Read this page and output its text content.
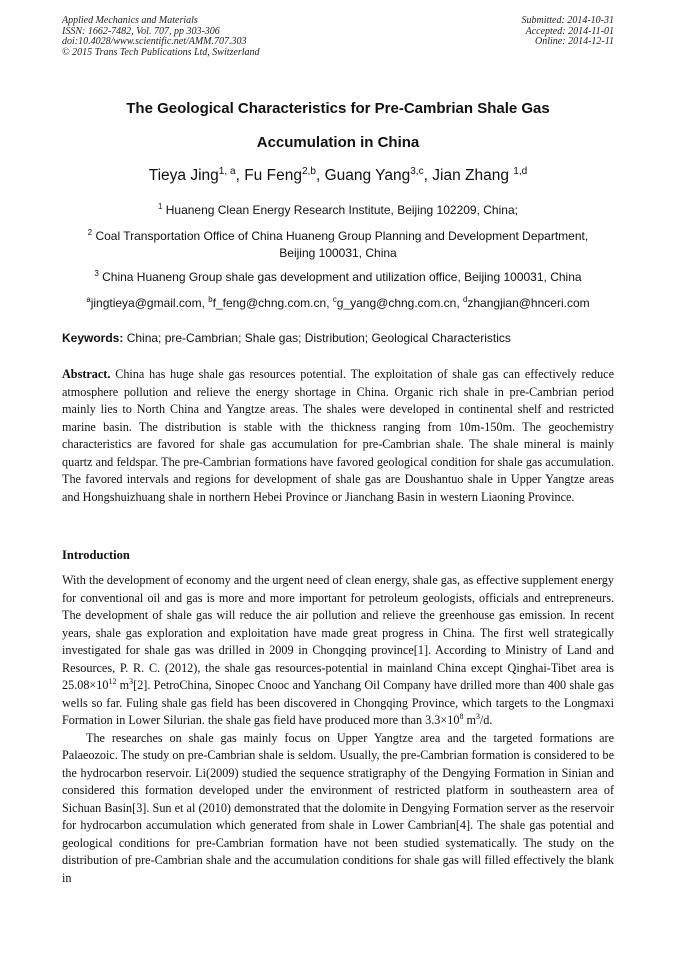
Applied Mechanics and Materials
ISSN: 1662-7482, Vol. 707, pp 303-306
doi:10.4028/www.scientific.net/AMM.707.303
© 2015 Trans Tech Publications Ltd, Switzerland
Submitted: 2014-10-31
Accepted: 2014-11-01
Online: 2014-12-11
The Geological Characteristics for Pre-Cambrian Shale Gas
Accumulation in China
Tieya Jing$^{1, a}$, Fu Feng$^{2,b}$, Guang Yang$^{3,c}$, Jian Zhang $^{1,d}$
$^1$ Huaneng Clean Energy Research Institute, Beijing 102209, China;
$^2$ Coal Transportation Office of China Huaneng Group Planning and Development Department,
Beijing 100031, China
$^3$ China Huaneng Group shale gas development and utilization office, Beijing 100031, China
$^a$jingtieya@gmail.com, $^b$f_feng@chng.com.cn, $^c$g_yang@chng.com.cn, $^d$zhangjian@hnceri.com
Keywords: China; pre-Cambrian; Shale gas; Distribution; Geological Characteristics

Abstract. China has huge shale gas resources potential. The exploitation of shale gas can effectively reduce atmosphere pollution and relieve the energy shortage in China. Organic rich shale in pre-Cambrian period mainly lies to North China and Yangtze areas. The shales were developed in continental shelf and restricted marine basin. The distribution is stable with the thickness ranging from 10m-150m. The geochemistry characteristics are favored for shale gas accumulation for pre-Cambrian shale. The shale mineral is mainly quartz and feldspar. The pre-Cambrian formations have favored geological condition for shale gas accumulation. The favored intervals and regions for development of shale gas are Doushantuo shale in Upper Yangtze areas and Hongshuizhuang shale in northern Hebei Province or Jianchang Basin in western Liaoning Province.

Introduction

With the development of economy and the urgent need of clean energy, shale gas, as effective supplement energy for conventional oil and gas is more and more important for petroleum geologists, officials and entrepreneurs. The development of shale gas will reduce the air pollution and relieve the greenhouse gas emission. In recent years, shale gas exploration and exploitation have made great progress in China. The first well strategically investigated for shale gas was drilled in 2009 in Chongqing province[1]. According to Ministry of Land and Resources, P. R. C. (2012), the shale gas resources-potential in mainland China except Qinghai-Tibet area is $25.08\times 10^{12}$ $m^3[2]$. PetroChina, Sinopec Cnooc and Yanchang Oil Company have drilled more than 400 shale gas wells so far. Fuling shale gas field has been discovered in Chongqing Province, which targets to the Longmaxi Formation in Lower Silurian. the shale gas field have produced more than $3.3\times 10^8$ $m^3/d$.

The researches on shale gas mainly focus on Upper Yangtze area and the targeted formations are Palaeozoic. The study on pre-Cambrian shale is seldom. Usually, the pre-Cambrian formation is considered to be the hydrocarbon reservoir. Li(2009) studied the sequence stratigraphy of the Dengying Formation in Sinian and considered this formation developed under the environment of restricted platform in southeastern area of Sichuan Basin[3]. Sun et al (2010) demonstrated that the dolomite in Dengying Formation server as the reservoir for hydrocarbon accumulation which generated from shale in Lower Cambrian[4]. The shale gas potential and geological conditions for pre-Cambrian formation have not been studied systematically. The study on the distribution of pre-Cambrian shale and the accumulation conditions for shale gas will filled effectively the blank in
